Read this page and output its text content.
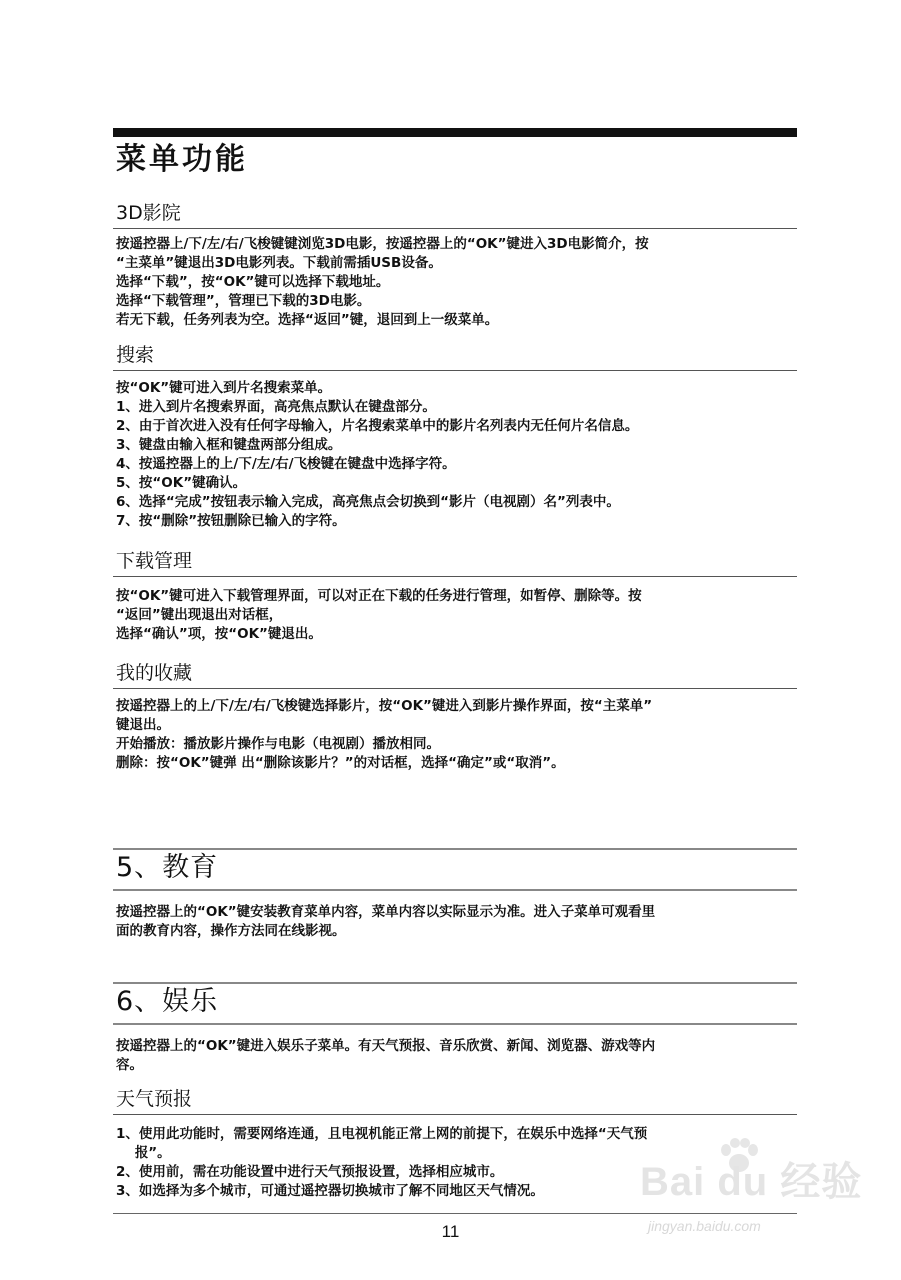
菜单功能
3D影院

按遥控器上/下/左/右/飞梭键键浏览3D电影，按遥控器上的“OK”键进入3D电影简介，按

“主菜单”键退出3D电影列表。下载前需插USB设备。

选择“下载”，按“OK”键可以选择下载地址。

选择“下载管理”，管理已下载的3D电影。

若无下载，任务列表为空。选择“返回”键，退回到上一级菜单。

搜索

按“OK”键可进入到片名搜索菜单。

1、进入到片名搜索界面，高亮焦点默认在键盘部分。

2、由于首次进入没有任何字母输入，片名搜索菜单中的影片名列表内无任何片名信息。

3、键盘由输入框和键盘两部分组成。

4、按遥控器上的上/下/左/右/飞梭键在键盘中选择字符。

5、按“OK”键确认。

6、选择“完成”按钮表示输入完成，高亮焦点会切换到“影片（电视剧）名”列表中。

7、按“删除”按钮删除已输入的字符。

下载管理

按“OK”键可进入下载管理界面，可以对正在下载的任务进行管理，如暂停、删除等。按

“返回”键出现退出对话框，

选择“确认”项，按“OK”键退出。

我的收藏

按遥控器上的上/下/左/右/飞梭键选择影片，按“OK”键进入到影片操作界面，按“主菜单”

键退出。

开始播放：播放影片操作与电影（电视剧）播放相同。

删除：按“OK”键弹 出“删除该影片？”的对话框，选择“确定”或“取消”。

5、教育

按遥控器上的“OK”键安装教育菜单内容，菜单内容以实际显示为准。进入子菜单可观看里

面的教育内容，操作方法同在线影视。

6、娱乐

按遥控器上的“OK”键进入娱乐子菜单。有天气预报、音乐欣赏、新闻、浏览器、游戏等内

容。

天气预报

1、使用此功能时，需要网络连通，且电视机能正常上网的前提下，在娱乐中选择“天气预

报”。

2、使用前，需在功能设置中进行天气预报设置，选择相应城市。

3、如选择为多个城市，可通过遥控器切换城市了解不同地区天气情况。	Bai du 经验
jingyan.baidu.com
11
